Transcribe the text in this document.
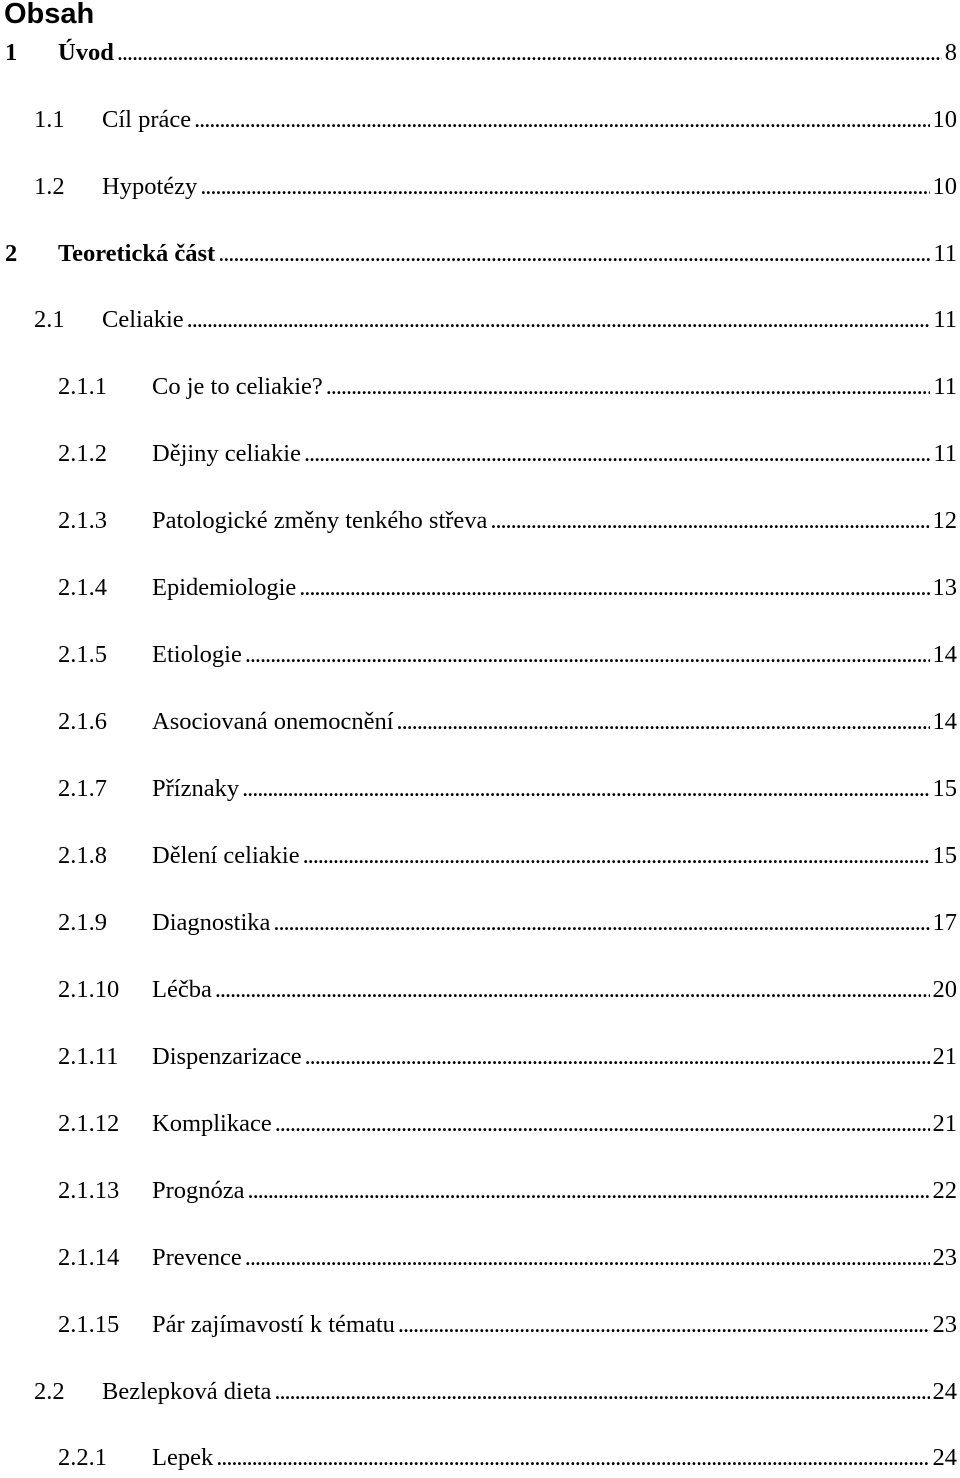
Obsah
1 Úvod . . .	8
1.1 Cíl práce . . .	10
1.2 Hypotézy . . .	10
2 Teoretická část . . .	11
2.1 Celiakie . . .	11
2.1.1 Co je to celiakie? . . .	11
2.1.2 Dějiny celiakie . . .	11
2.1.3 Patologické změny tenkého střeva . . .	12
2.1.4 Epidemiologie . . .	13
2.1.5 Etiologie . . .	14
2.1.6 Asociovaná onemocnění . . .	14
2.1.7 Příznaky . . .	15
2.1.8 Dělení celiakie . . .	15
2.1.9 Diagnostika . . .	17
2.1.10 Léčba . . .	20
2.1.11 Dispenzarizace . . .	21
2.1.12 Komplikace . . .	21
2.1.13 Prognóza . . .	22
2.1.14 Prevence . . .	23
2.1.15 Pár zajímavostí k tématu . . .	23
2.2 Bezlepková dieta . . .	24
2.2.1 Lepek . . .	24
